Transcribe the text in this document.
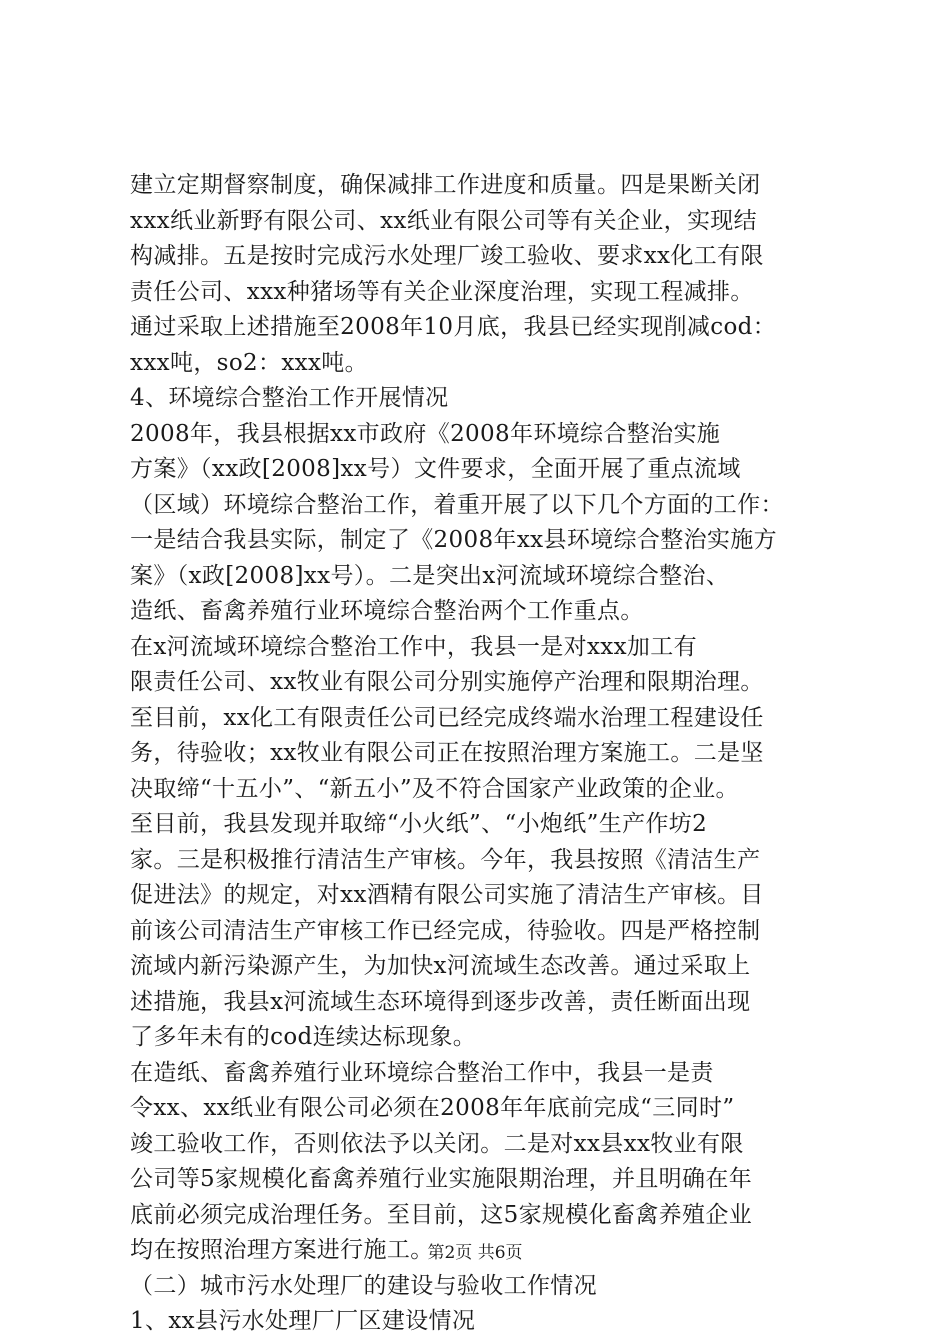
建立定期督察制度，确保减排工作进度和质量。四是果断关闭
xxx纸业新野有限公司、xx纸业有限公司等有关企业，实现结
构减排。五是按时完成污水处理厂竣工验收、要求xx化工有限
责任公司、xxx种猪场等有关企业深度治理，实现工程减排。
通过采取上述措施至2008年10月底，我县已经实现削减cod：
xxx吨，so2：xxx吨。
4、环境综合整治工作开展情况
2008年，我县根据xx市政府《2008年环境综合整治实施
方案》（xx政[2008]xx号）文件要求，全面开展了重点流域
（区域）环境综合整治工作，着重开展了以下几个方面的工作：
一是结合我县实际，制定了《2008年xx县环境综合整治实施方
案》（x政[2008]xx号）。二是突出x河流域环境综合整治、
造纸、畜禽养殖行业环境综合整治两个工作重点。
在x河流域环境综合整治工作中，我县一是对xxx加工有
限责任公司、xx牧业有限公司分别实施停产治理和限期治理。
至目前，xx化工有限责任公司已经完成终端水治理工程建设任
务，待验收；xx牧业有限公司正在按照治理方案施工。二是坚
决取缔“十五小”、“新五小”及不符合国家产业政策的企业。
至目前，我县发现并取缔“小火纸”、“小炮纸”生产作坊2
家。三是积极推行清洁生产审核。今年，我县按照《清洁生产
促进法》的规定，对xx酒精有限公司实施了清洁生产审核。目
前该公司清洁生产审核工作已经完成，待验收。四是严格控制
流域内新污染源产生，为加快x河流域生态改善。通过采取上
述措施，我县x河流域生态环境得到逐步改善，责任断面出现
了多年未有的cod连续达标现象。
在造纸、畜禽养殖行业环境综合整治工作中，我县一是责
令xx、xx纸业有限公司必须在2008年年底前完成“三同时”
竣工验收工作，否则依法予以关闭。二是对xx县xx牧业有限
公司等5家规模化畜禽养殖行业实施限期治理，并且明确在年
底前必须完成治理任务。至目前，这5家规模化畜禽养殖企业
均在按照治理方案进行施工。
（二）城市污水处理厂的建设与验收工作情况
1、xx县污水处理厂厂区建设情况
第2页 共6页
